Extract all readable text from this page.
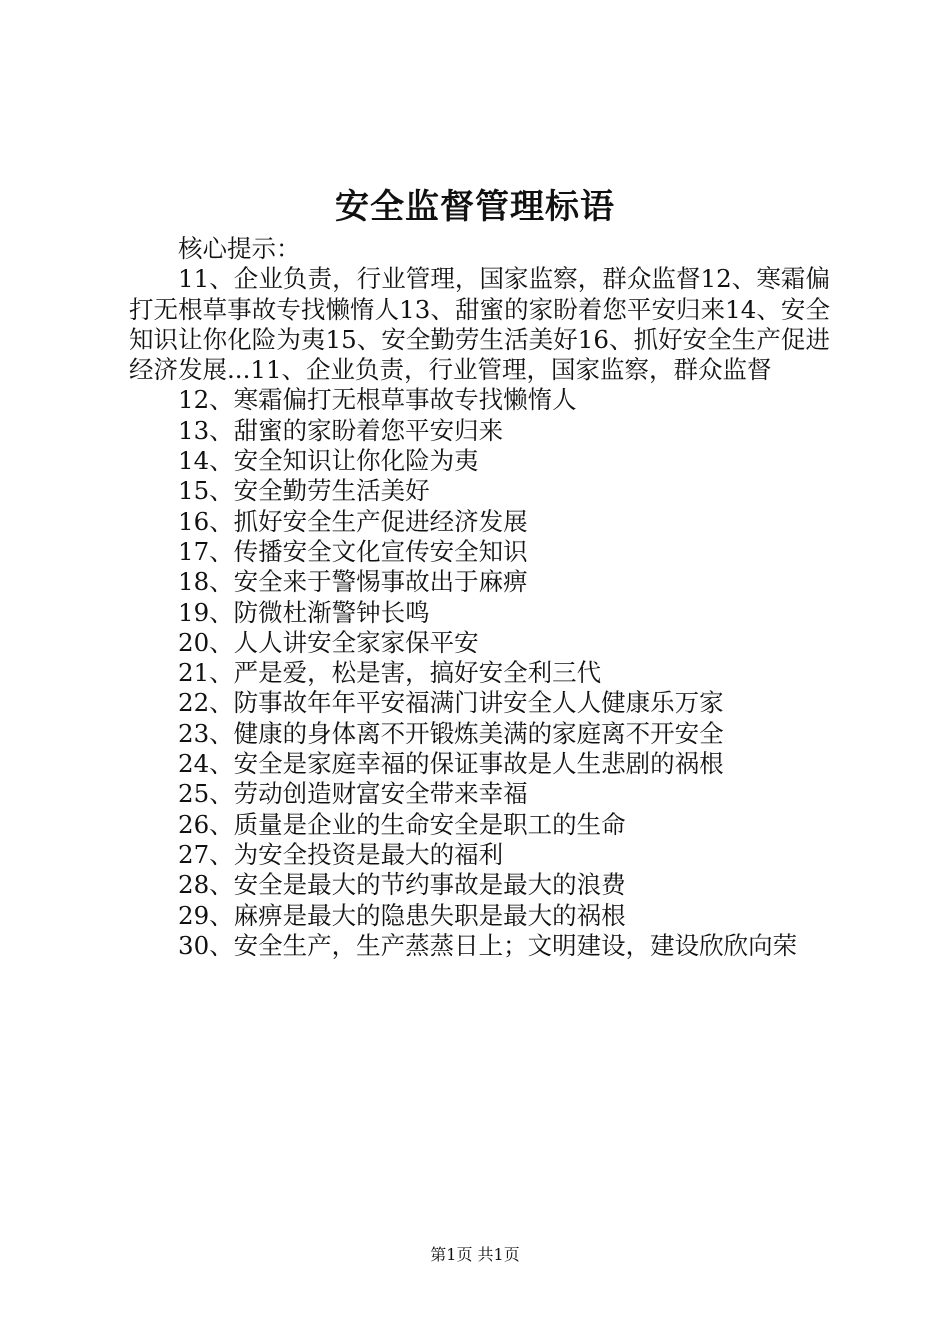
安全监督管理标语

核心提示：

11、企业负责，行业管理，国家监察，群众监督12、寒霜偏打无根草事故专找懒惰人13、甜蜜的家盼着您平安归来14、安全知识让你化险为夷15、安全勤劳生活美好16、抓好安全生产促进经济发展...11、企业负责，行业管理，国家监察，群众监督

12、寒霜偏打无根草事故专找懒惰人

13、甜蜜的家盼着您平安归来

14、安全知识让你化险为夷

15、安全勤劳生活美好

16、抓好安全生产促进经济发展

17、传播安全文化宣传安全知识

18、安全来于警惕事故出于麻痹

19、防微杜渐警钟长鸣

20、人人讲安全家家保平安

21、严是爱，松是害，搞好安全利三代

22、防事故年年平安福满门讲安全人人健康乐万家

23、健康的身体离不开锻炼美满的家庭离不开安全

24、安全是家庭幸福的保证事故是人生悲剧的祸根

25、劳动创造财富安全带来幸福

26、质量是企业的生命安全是职工的生命

27、为安全投资是最大的福利

28、安全是最大的节约事故是最大的浪费

29、麻痹是最大的隐患失职是最大的祸根

30、安全生产，生产蒸蒸日上；文明建设，建设欣欣向荣

第1页 共1页
